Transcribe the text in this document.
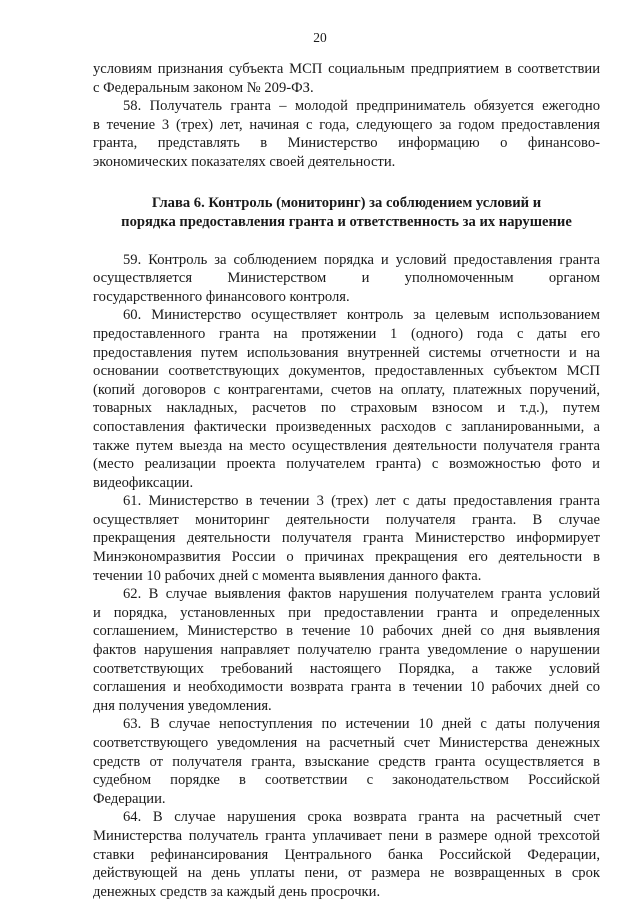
20
условиям признания субъекта МСП социальным предприятием в соответствии
с Федеральным законом № 209-ФЗ.
58. Получатель гранта – молодой предприниматель обязуется ежегодно
в течение 3 (трех) лет, начиная с года, следующего за годом предоставления
гранта, представлять в Министерство информацию о финансово-
экономических показателях своей деятельности.
Глава 6. Контроль (мониторинг) за соблюдением условий и
порядка предоставления гранта и ответственность за их нарушение
59. Контроль за соблюдением порядка и условий предоставления гранта
осуществляется Министерством и уполномоченным органом
государственного финансового контроля.
60. Министерство осуществляет контроль за целевым использованием
предоставленного гранта на протяжении 1 (одного) года с даты его
предоставления путем использования внутренней системы отчетности и на
основании соответствующих документов, предоставленных субъектом МСП
(копий договоров с контрагентами, счетов на оплату, платежных поручений,
товарных накладных, расчетов по страховым взносом и т.д.), путем
сопоставления фактически произведенных расходов с запланированными, а
также путем выезда на место осуществления деятельности получателя гранта
(место реализации проекта получателем гранта) с возможностью фото и
видеофиксации.
61. Министерство в течении 3 (трех) лет с даты предоставления гранта
осуществляет мониторинг деятельности получателя гранта. В случае
прекращения деятельности получателя гранта Министерство информирует
Минэкономразвития России о причинах прекращения его деятельности в
течении 10 рабочих дней с момента выявления данного факта.
62. В случае выявления фактов нарушения получателем гранта условий
и порядка, установленных при предоставлении гранта и определенных
соглашением, Министерство в течение 10 рабочих дней со дня выявления
фактов нарушения направляет получателю гранта уведомление о нарушении
соответствующих требований настоящего Порядка, а также условий
соглашения и необходимости возврата гранта в течении 10 рабочих дней со
дня получения уведомления.
63. В случае непоступления по истечении 10 дней с даты получения
соответствующего уведомления на расчетный счет Министерства денежных
средств от получателя гранта, взыскание средств гранта осуществляется в
судебном порядке в соответствии с законодательством Российской
Федерации.
64. В случае нарушения срока возврата гранта на расчетный счет
Министерства получатель гранта уплачивает пени в размере одной трехсотой
ставки рефинансирования Центрального банка Российской Федерации,
действующей на день уплаты пени, от размера не возвращенных в срок
денежных средств за каждый день просрочки.
